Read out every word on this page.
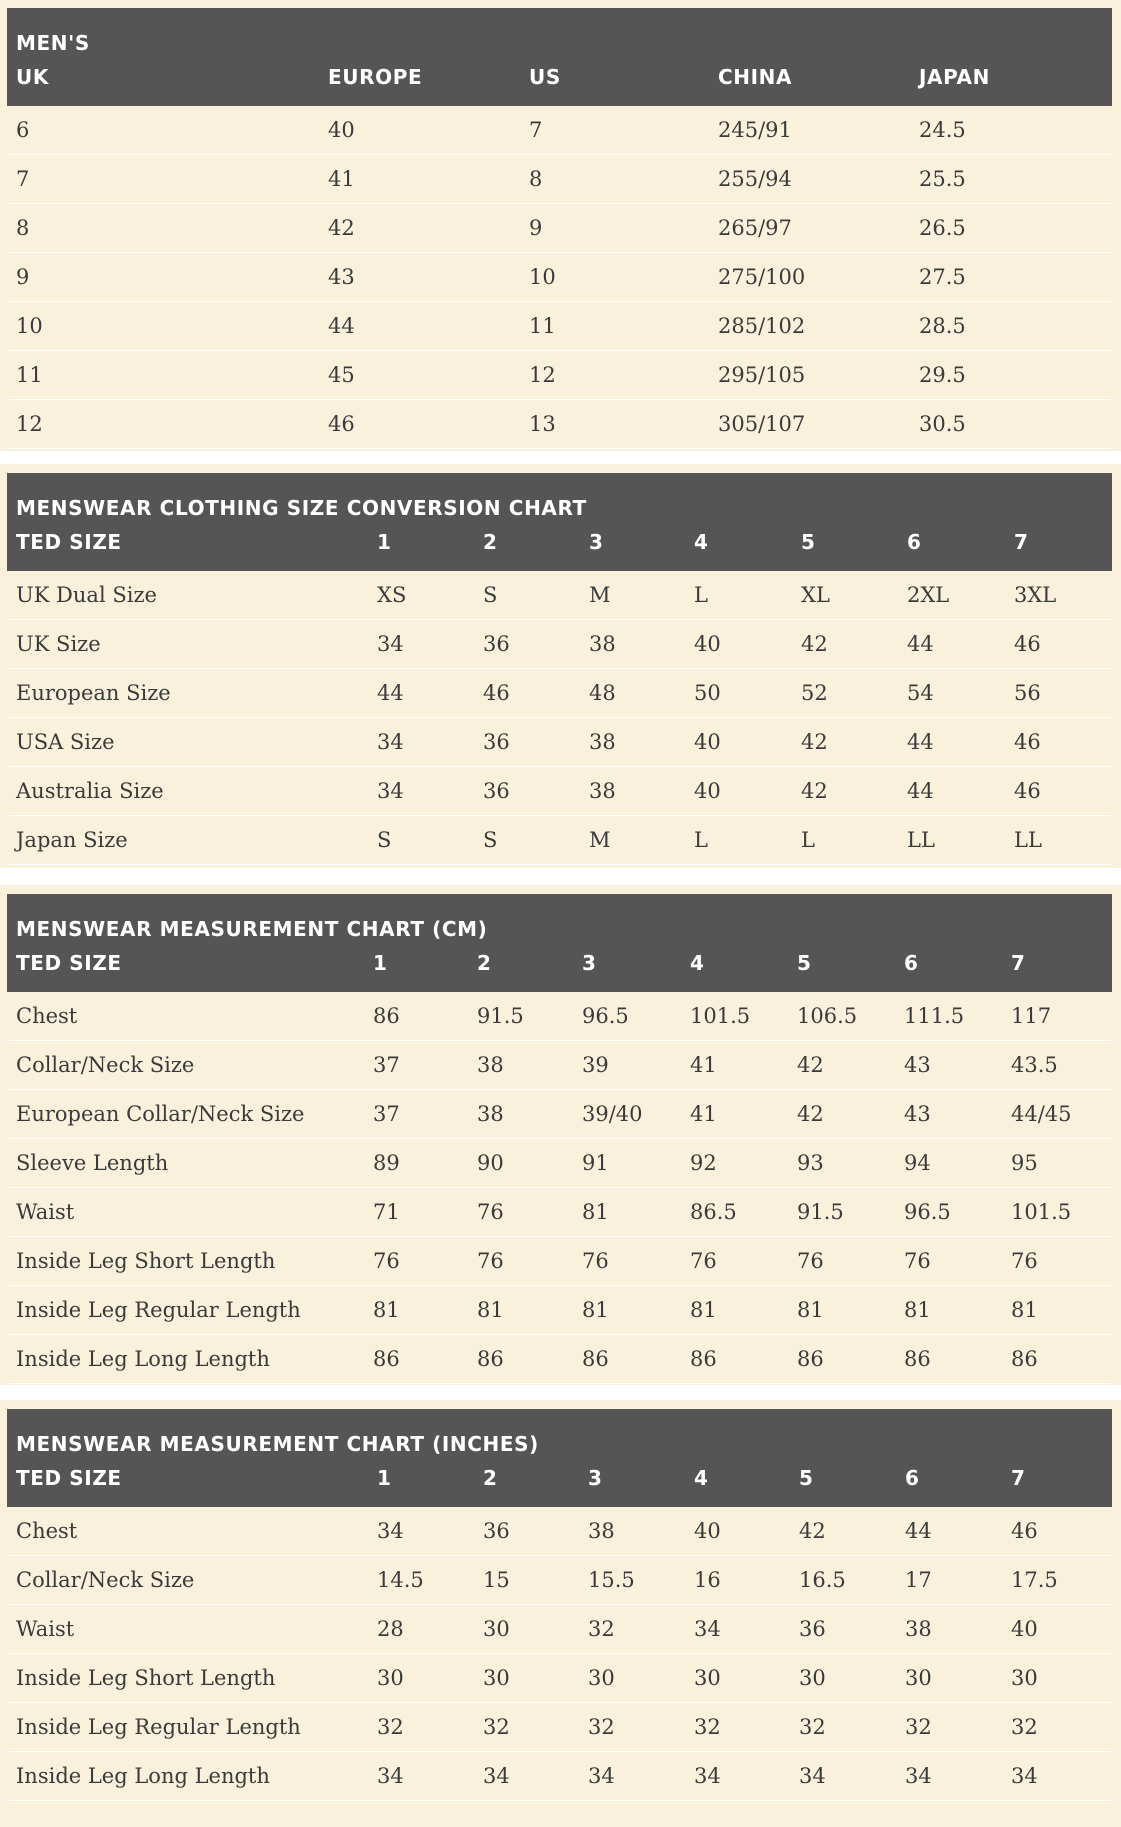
MEN'S				
UK	EUROPE	US	CHINA	JAPAN
6	40	7	245/91	24.5
7	41	8	255/94	25.5
8	42	9	265/97	26.5
9	43	10	275/100	27.5
10	44	11	285/102	28.5
11	45	12	295/105	29.5
12	46	13	305/107	30.5
MENSWEAR CLOTHING SIZE CONVERSION CHART							
TED SIZE	1	2	3	4	5	6	7
UK Dual Size	XS	S	M	L	XL	2XL	3XL
UK Size	34	36	38	40	42	44	46
European Size	44	46	48	50	52	54	56
USA Size	34	36	38	40	42	44	46
Australia Size	34	36	38	40	42	44	46
Japan Size	S	S	M	L	L	LL	LL
MENSWEAR MEASUREMENT CHART (CM)							
TED SIZE	1	2	3	4	5	6	7
Chest	86	91.5	96.5	101.5	106.5	111.5	117
Collar/Neck Size	37	38	39	41	42	43	43.5
European Collar/Neck Size	37	38	39/40	41	42	43	44/45
Sleeve Length	89	90	91	92	93	94	95
Waist	71	76	81	86.5	91.5	96.5	101.5
Inside Leg Short Length	76	76	76	76	76	76	76
Inside Leg Regular Length	81	81	81	81	81	81	81
Inside Leg Long Length	86	86	86	86	86	86	86
MENSWEAR MEASUREMENT CHART (INCHES)							
TED SIZE	1	2	3	4	5	6	7
Chest	34	36	38	40	42	44	46
Collar/Neck Size	14.5	15	15.5	16	16.5	17	17.5
Waist	28	30	32	34	36	38	40
Inside Leg Short Length	30	30	30	30	30	30	30
Inside Leg Regular Length	32	32	32	32	32	32	32
Inside Leg Long Length	34	34	34	34	34	34	34
